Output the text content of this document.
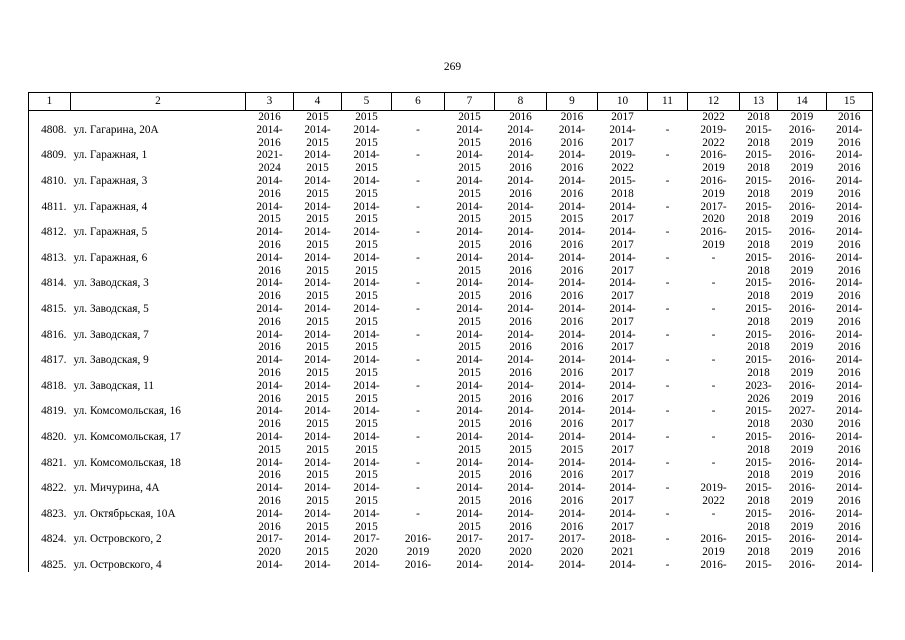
269
1	2	3	4	5	6	7	8	9	10	11	12	13	14	15
		2016	2015	2015		2015	2016	2016	2017		2022	2018	2019	2016
4808.	ул. Гагарина, 20А	2014-	2014-	2014-	-	2014-	2014-	2014-	2014-	-	2019-	2015-	2016-	2014-
		2016	2015	2015		2015	2016	2016	2017		2022	2018	2019	2016
4809.	ул. Гаражная, 1	2021-	2014-	2014-	-	2014-	2014-	2014-	2019-	-	2016-	2015-	2016-	2014-
		2024	2015	2015		2015	2016	2016	2022		2019	2018	2019	2016
4810.	ул. Гаражная, 3	2014-	2014-	2014-	-	2014-	2014-	2014-	2015-	-	2016-	2015-	2016-	2014-
		2016	2015	2015		2015	2016	2016	2018		2019	2018	2019	2016
4811.	ул. Гаражная, 4	2014-	2014-	2014-	-	2014-	2014-	2014-	2014-	-	2017-	2015-	2016-	2014-
		2015	2015	2015		2015	2015	2015	2017		2020	2018	2019	2016
4812.	ул. Гаражная, 5	2014-	2014-	2014-	-	2014-	2014-	2014-	2014-	-	2016-	2015-	2016-	2014-
		2016	2015	2015		2015	2016	2016	2017		2019	2018	2019	2016
4813.	ул. Гаражная, 6	2014-	2014-	2014-	-	2014-	2014-	2014-	2014-	-	-	2015-	2016-	2014-
		2016	2015	2015		2015	2016	2016	2017			2018	2019	2016
4814.	ул. Заводская, 3	2014-	2014-	2014-	-	2014-	2014-	2014-	2014-	-	-	2015-	2016-	2014-
		2016	2015	2015		2015	2016	2016	2017			2018	2019	2016
4815.	ул. Заводская, 5	2014-	2014-	2014-	-	2014-	2014-	2014-	2014-	-	-	2015-	2016-	2014-
		2016	2015	2015		2015	2016	2016	2017			2018	2019	2016
4816.	ул. Заводская, 7	2014-	2014-	2014-	-	2014-	2014-	2014-	2014-	-	-	2015-	2016-	2014-
		2016	2015	2015		2015	2016	2016	2017			2018	2019	2016
4817.	ул. Заводская, 9	2014-	2014-	2014-	-	2014-	2014-	2014-	2014-	-	-	2015-	2016-	2014-
		2016	2015	2015		2015	2016	2016	2017			2018	2019	2016
4818.	ул. Заводская, 11	2014-	2014-	2014-	-	2014-	2014-	2014-	2014-	-	-	2023-	2016-	2014-
		2016	2015	2015		2015	2016	2016	2017			2026	2019	2016
4819.	ул. Комсомольская, 16	2014-	2014-	2014-	-	2014-	2014-	2014-	2014-	-	-	2015-	2027-	2014-
		2016	2015	2015		2015	2016	2016	2017			2018	2030	2016
4820.	ул. Комсомольская, 17	2014-	2014-	2014-	-	2014-	2014-	2014-	2014-	-	-	2015-	2016-	2014-
		2015	2015	2015		2015	2015	2015	2017			2018	2019	2016
4821.	ул. Комсомольская, 18	2014-	2014-	2014-	-	2014-	2014-	2014-	2014-	-	-	2015-	2016-	2014-
		2016	2015	2015		2015	2016	2016	2017			2018	2019	2016
4822.	ул. Мичурина, 4А	2014-	2014-	2014-	-	2014-	2014-	2014-	2014-	-	2019-	2015-	2016-	2014-
		2016	2015	2015		2015	2016	2016	2017		2022	2018	2019	2016
4823.	ул. Октябрьская, 10А	2014-	2014-	2014-	-	2014-	2014-	2014-	2014-	-	-	2015-	2016-	2014-
		2016	2015	2015		2015	2016	2016	2017			2018	2019	2016
4824.	ул. Островского, 2	2017-	2014-	2017-	2016-	2017-	2017-	2017-	2018-	-	2016-	2015-	2016-	2014-
		2020	2015	2020	2019	2020	2020	2020	2021		2019	2018	2019	2016
4825.	ул. Островского, 4	2014-	2014-	2014-	2016-	2014-	2014-	2014-	2014-	-	2016-	2015-	2016-	2014-
